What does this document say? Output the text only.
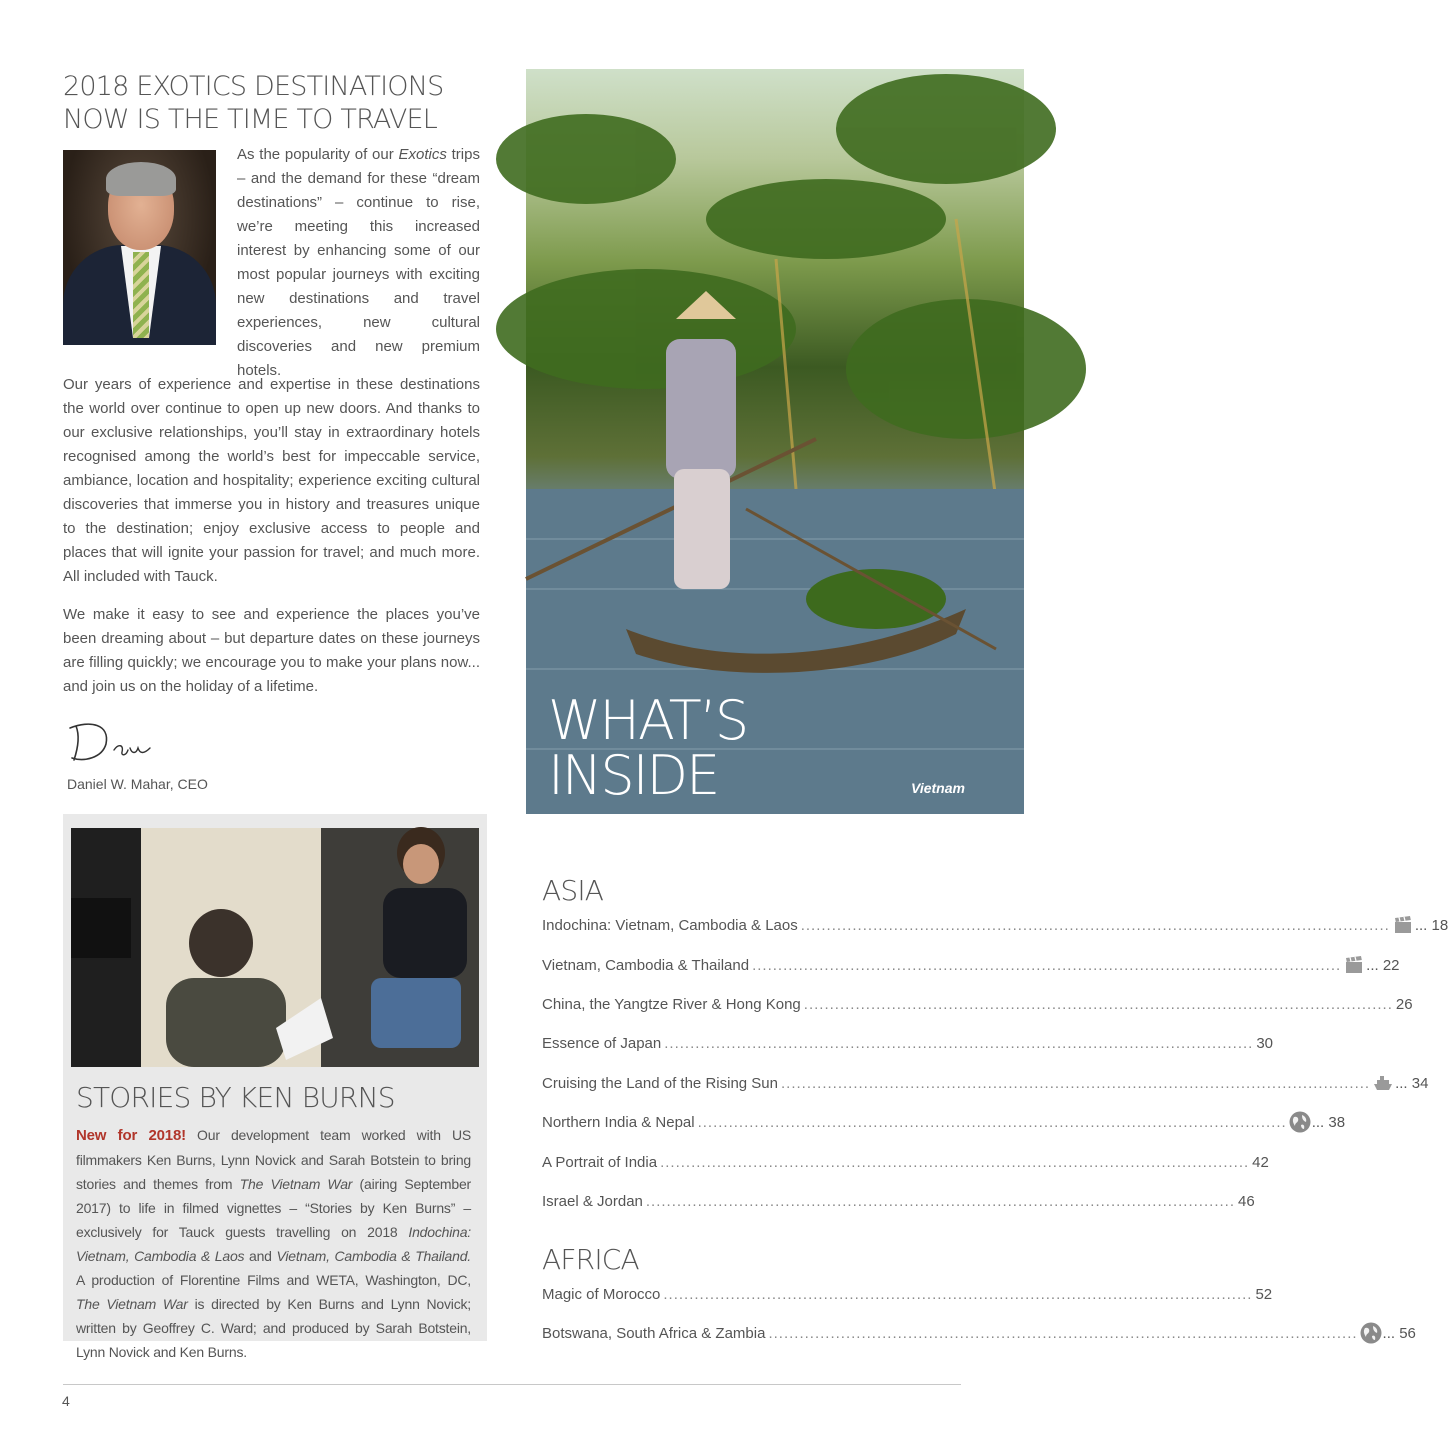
2018 EXOTICS DESTINATIONS
NOW IS THE TIME TO TRAVEL

As the popularity of our Exotics trips – and the demand for these “dream destinations” – continue to rise, we’re meeting this increased interest by enhancing some of our most popular journeys with exciting new destinations and travel experiences, new cultural discoveries and new premium hotels.

Our years of experience and expertise in these destinations the world over continue to open up new doors. And thanks to our exclusive relationships, you’ll stay in extraordinary hotels recognised among the world’s best for impeccable service, ambiance, location and hospitality; experience exciting cultural discoveries that immerse you in history and treasures unique to the destination; enjoy exclusive access to people and places that will ignite your passion for travel; and much more. All included with Tauck.

We make it easy to see and experience the places you’ve been dreaming about – but departure dates on these journeys are filling quickly; we encourage you to make your plans now... and join us on the holiday of a lifetime.

Daniel W. Mahar, CEO
WHAT’S
INSIDE	Vietnam
STORIES BY KEN BURNS

New for 2018! Our development team worked with US filmmakers Ken Burns, Lynn Novick and Sarah Botstein to bring stories and themes from The Vietnam War (airing September 2017) to life in filmed vignettes – “Stories by Ken Burns” – exclusively for Tauck guests travelling on 2018 Indochina: Vietnam, Cambodia & Laos and Vietnam, Cambodia & Thailand. A production of Florentine Films and WETA, Washington, DC, The Vietnam War is directed by Ken Burns and Lynn Novick; written by Geoffrey C. Ward; and produced by Sarah Botstein, Lynn Novick and Ken Burns.

ASIA
Indochina: Vietnam, Cambodia & Laos .................................................................................................................. ... 18
Vietnam, Cambodia & Thailand .................................................................................................................. ... 22
China, the Yangtze River & Hong Kong .................................................................................................................. 26
Essence of Japan .................................................................................................................. 30
Cruising the Land of the Rising Sun .................................................................................................................. ... 34
Northern India & Nepal .................................................................................................................. ... 38
A Portrait of India .................................................................................................................. 42
Israel & Jordan .................................................................................................................. 46
AFRICA
Magic of Morocco .................................................................................................................. 52
Botswana, South Africa & Zambia .................................................................................................................. ... 56
4
